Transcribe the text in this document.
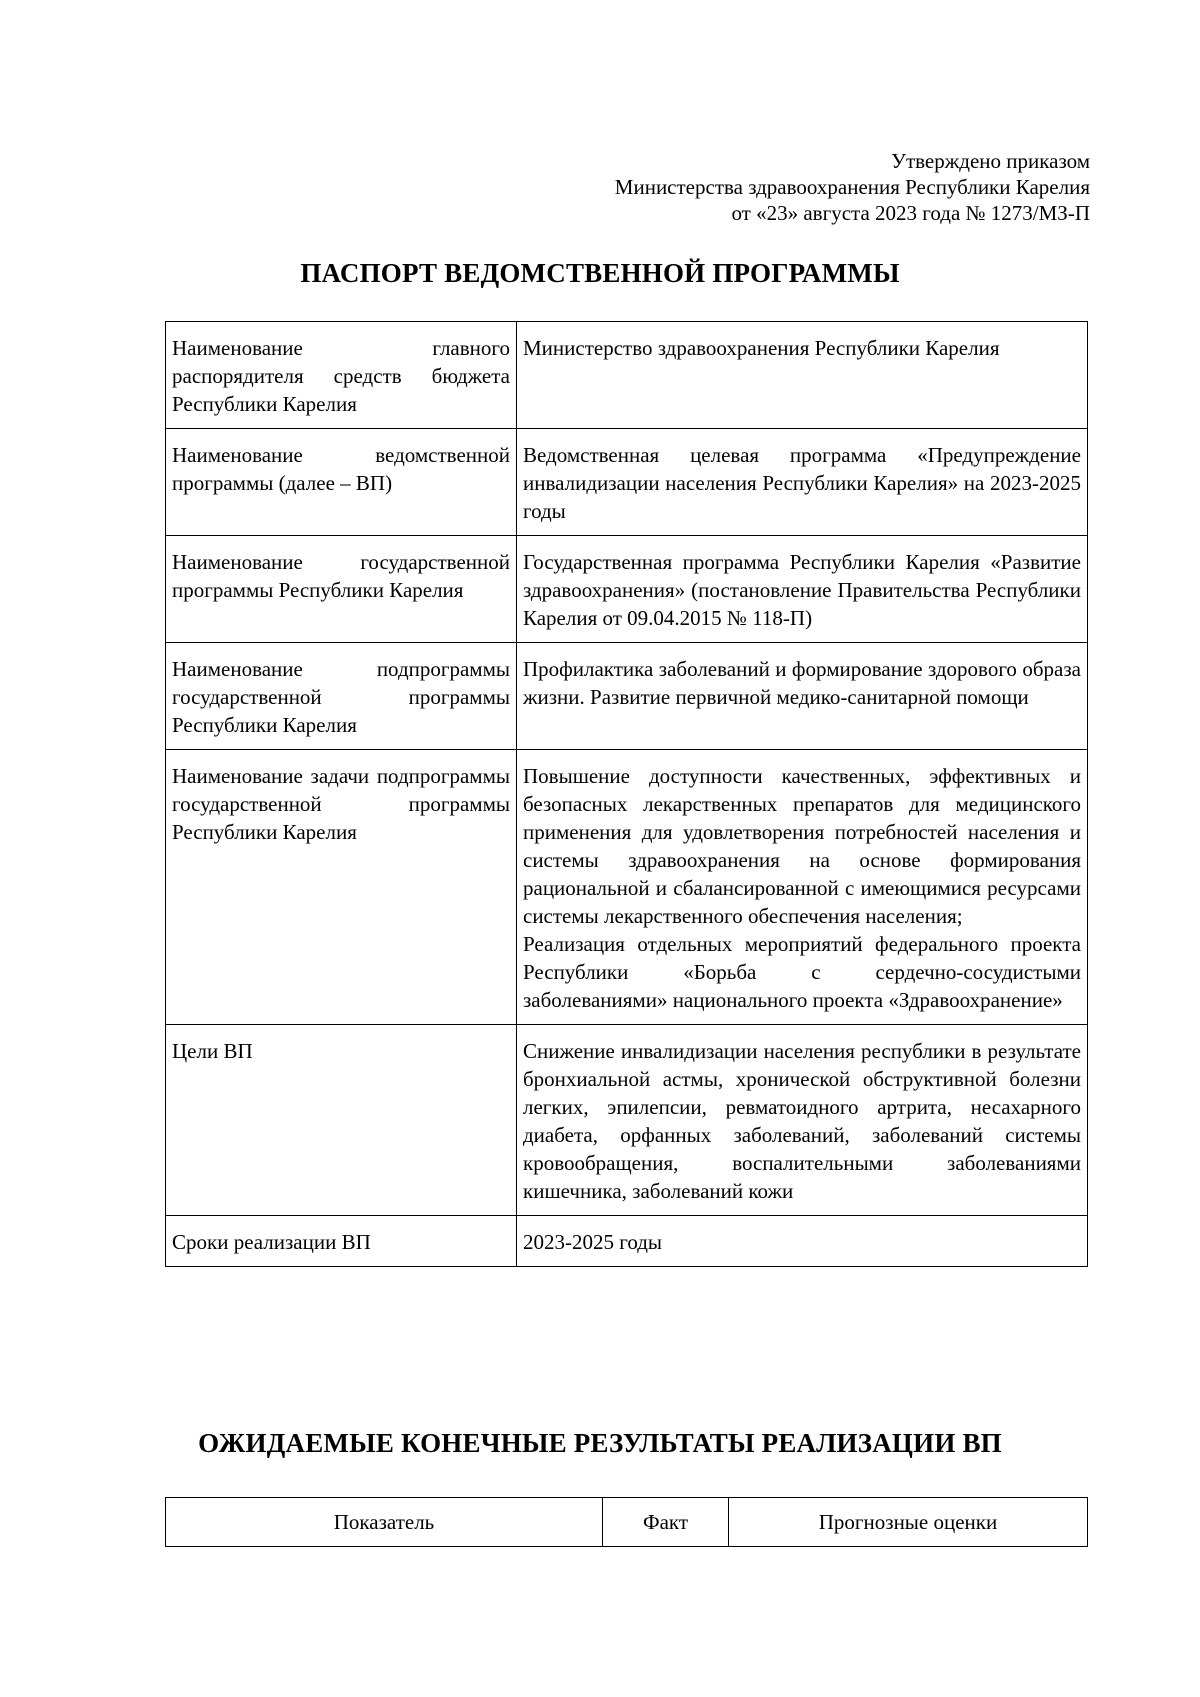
Утверждено приказом
Министерства здравоохранения Республики Карелия
от «23» августа 2023 года № 1273/МЗ-П
ПАСПОРТ ВЕДОМСТВЕННОЙ ПРОГРАММЫ
Наименование главного распорядителя средств бюджета Республики Карелия	Министерство здравоохранения Республики Карелия
Наименование ведомственной программы (далее – ВП)	Ведомственная целевая программа «Предупреждение инвалидизации населения Республики Карелия» на 2023-2025 годы
Наименование государственной программы Республики Карелия	Государственная программа Республики Карелия «Развитие здравоохранения» (постановление Правительства Республики Карелия от 09.04.2015 № 118-П)
Наименование подпрограммы государственной программы Республики Карелия	Профилактика заболеваний и формирование здорового образа жизни. Развитие первичной медико-санитарной помощи
Наименование задачи подпрограммы государственной программы Республики Карелия	Повышение доступности качественных, эффективных и безопасных лекарственных препаратов для медицинского применения для удовлетворения потребностей населения и системы здравоохранения на основе формирования рациональной и сбалансированной с имеющимися ресурсами системы лекарственного обеспечения населения;
Реализация отдельных мероприятий федерального проекта Республики «Борьба с сердечно-сосудистыми заболеваниями» национального проекта «Здравоохранение»

Цели ВП	Снижение инвалидизации населения республики в результате бронхиальной астмы, хронической обструктивной болезни легких, эпилепсии, ревматоидного артрита, несахарного диабета, орфанных заболеваний, заболеваний системы кровообращения, воспалительными заболеваниями кишечника, заболеваний кожи
Сроки реализации ВП	2023-2025 годы
ОЖИДАЕМЫЕ КОНЕЧНЫЕ РЕЗУЛЬТАТЫ РЕАЛИЗАЦИИ ВП
Показатель	Факт	Прогнозные оценки
